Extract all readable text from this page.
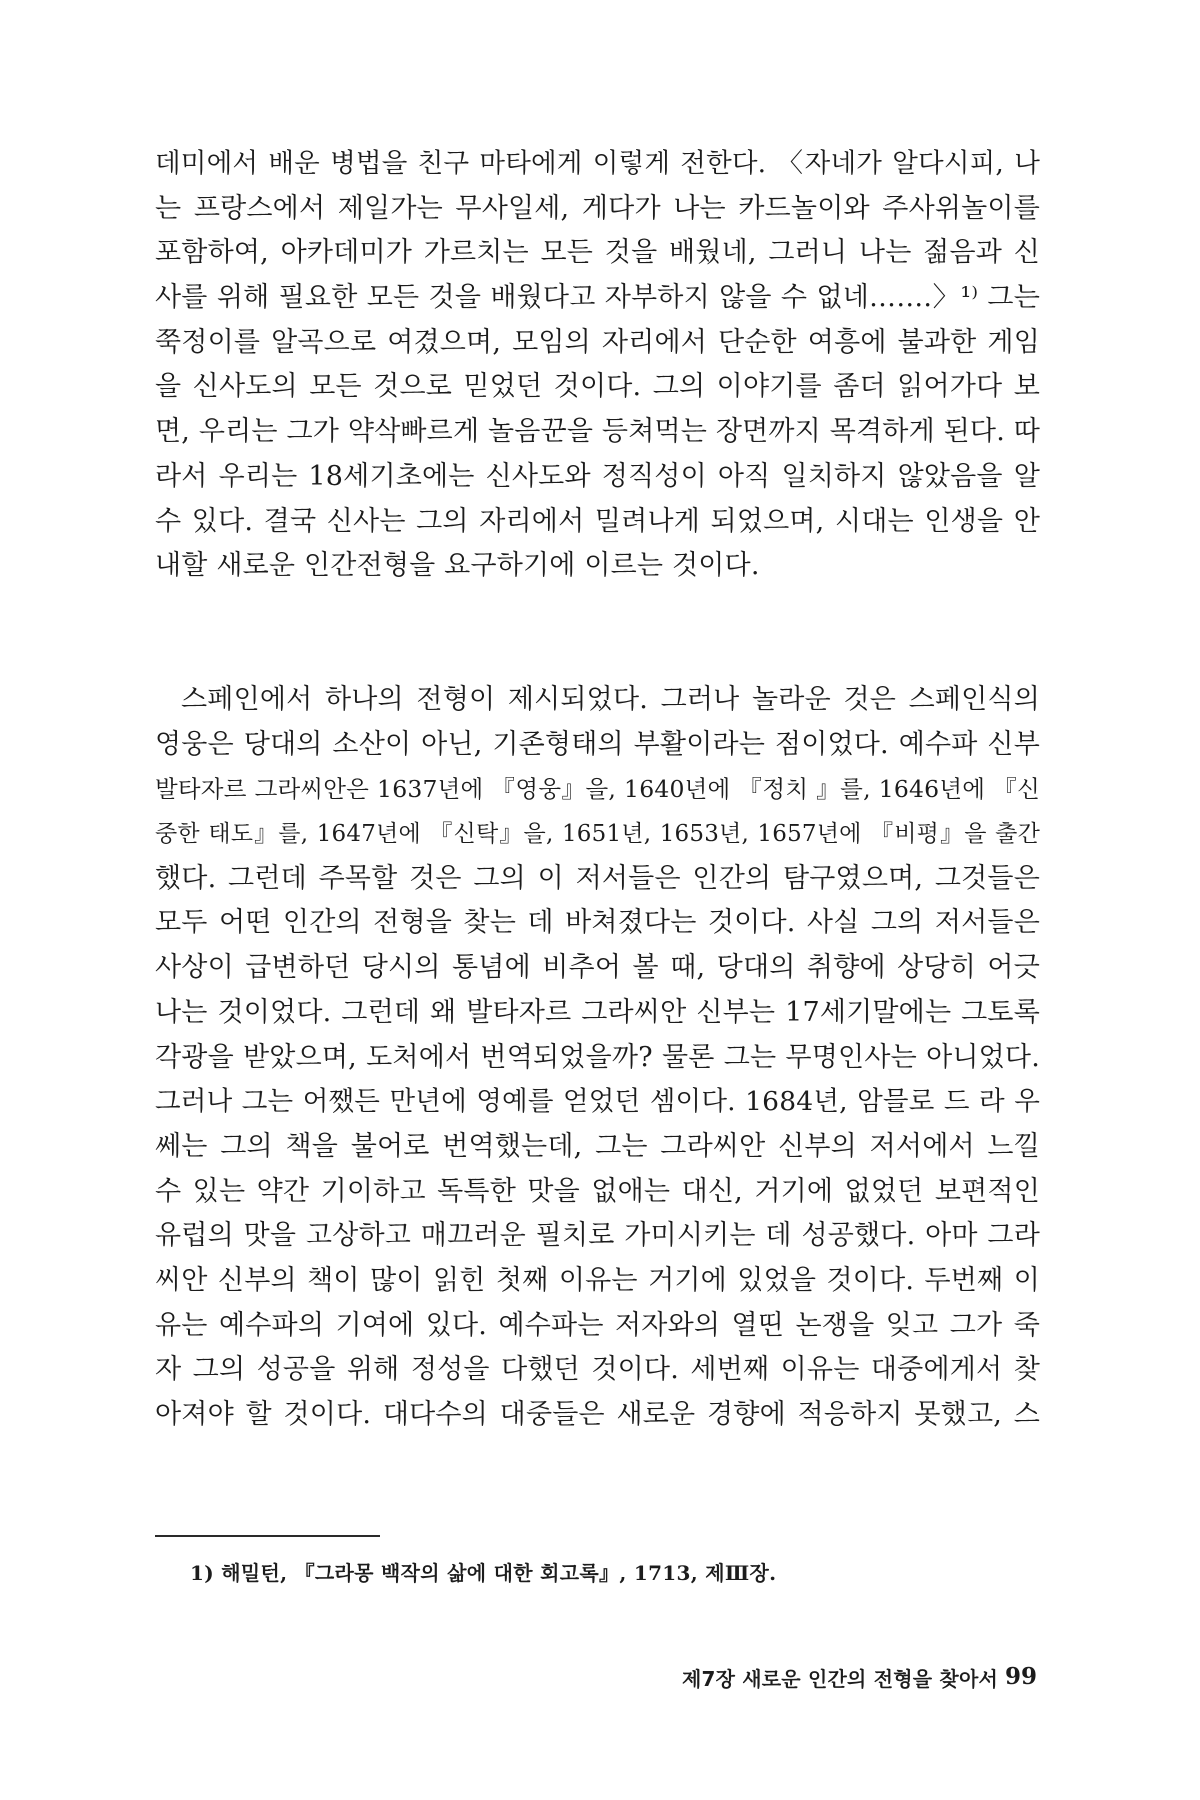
데미에서 배운 병법을 친구 마타에게 이렇게 전한다. 〈자네가 알다시피, 나
는 프랑스에서 제일가는 무사일세, 게다가 나는 카드놀이와 주사위놀이를
포함하여, 아카데미가 가르치는 모든 것을 배웠네, 그러니 나는 젊음과 신
사를 위해 필요한 모든 것을 배웠다고 자부하지 않을 수 없네…….〉¹⁾ 그는
쭉정이를 알곡으로 여겼으며, 모임의 자리에서 단순한 여흥에 불과한 게임
을 신사도의 모든 것으로 믿었던 것이다. 그의 이야기를 좀더 읽어가다 보
면, 우리는 그가 약삭빠르게 놀음꾼을 등쳐먹는 장면까지 목격하게 된다. 따
라서 우리는 18세기초에는 신사도와 정직성이 아직 일치하지 않았음을 알
수 있다. 결국 신사는 그의 자리에서 밀려나게 되었으며, 시대는 인생을 안
내할 새로운 인간전형을 요구하기에 이르는 것이다.
스페인에서 하나의 전형이 제시되었다. 그러나 놀라운 것은 스페인식의
영웅은 당대의 소산이 아닌, 기존형태의 부활이라는 점이었다. 예수파 신부
발타자르 그라씨안은 1637년에 『영웅』을, 1640년에 『정치 』를, 1646년에 『신
중한 태도』를, 1647년에 『신탁』을, 1651년, 1653년, 1657년에 『비평』을 출간
했다. 그런데 주목할 것은 그의 이 저서들은 인간의 탐구였으며, 그것들은
모두 어떤 인간의 전형을 찾는 데 바쳐졌다는 것이다. 사실 그의 저서들은
사상이 급변하던 당시의 통념에 비추어 볼 때, 당대의 취향에 상당히 어긋
나는 것이었다. 그런데 왜 발타자르 그라씨안 신부는 17세기말에는 그토록
각광을 받았으며, 도처에서 번역되었을까? 물론 그는 무명인사는 아니었다.
그러나 그는 어쨌든 만년에 영예를 얻었던 셈이다. 1684년, 암믈로 드 라 우
쎄는 그의 책을 불어로 번역했는데, 그는 그라씨안 신부의 저서에서 느낄
수 있는 약간 기이하고 독특한 맛을 없애는 대신, 거기에 없었던 보편적인
유럽의 맛을 고상하고 매끄러운 필치로 가미시키는 데 성공했다. 아마 그라
씨안 신부의 책이 많이 읽힌 첫째 이유는 거기에 있었을 것이다. 두번째 이
유는 예수파의 기여에 있다. 예수파는 저자와의 열띤 논쟁을 잊고 그가 죽
자 그의 성공을 위해 정성을 다했던 것이다. 세번째 이유는 대중에게서 찾
아져야 할 것이다. 대다수의 대중들은 새로운 경향에 적응하지 못했고, 스
1) 해밀턴, 『그라몽 백작의 삶에 대한 회고록』, 1713, 제Ⅲ장.
제7장 새로운 인간의 전형을 찾아서 99
